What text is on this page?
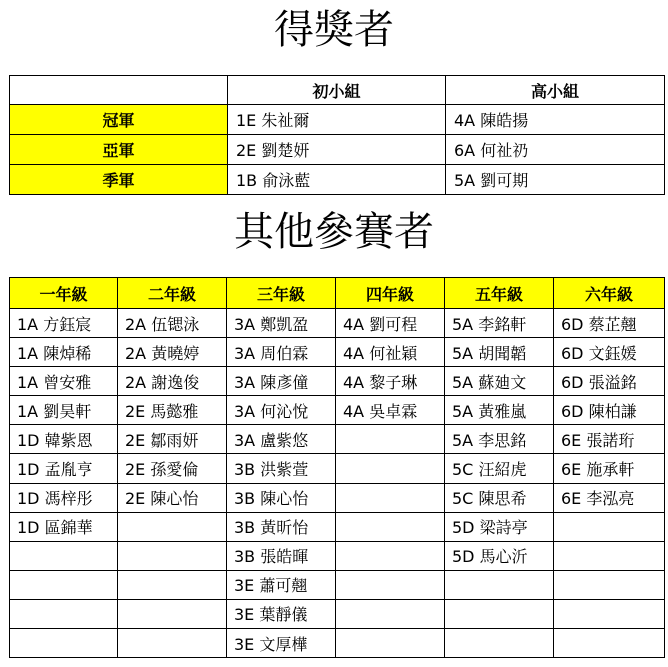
得獎者
	初小組	高小組
冠軍	1E 朱祉爾	4A 陳皓揚
亞軍	2E 劉楚妍	6A 何祉礽
季軍	1B 俞泳藍	5A 劉可期
其他參賽者
一年級	二年級	三年級	四年級	五年級	六年級
1A 方鈺宸	2A 伍锶泳	3A 鄭凱盈	4A 劉可程	5A 李銘軒	6D 蔡芷翹
1A 陳焯稀	2A 黃曉婷	3A 周伯霖	4A 何祉穎	5A 胡聞韜	6D 文鈺媛
1A 曾安雅	2A 謝逸俊	3A 陳彥僮	4A 黎子琳	5A 蘇廸文	6D 張溢銘
1A 劉昊軒	2E 馬懿雅	3A 何沁悅	4A 吳卓霖	5A 黃雅嵐	6D 陳柏謙
1D 韓紫恩	2E 鄒雨妍	3A 盧紫悠		5A 李思銘	6E 張諾珩
1D 孟胤亨	2E 孫愛倫	3B 洪紫萱		5C 汪紹虎	6E 施承軒
1D 馮梓彤	2E 陳心怡	3B 陳心怡		5C 陳思希	6E 李泓亮
1D 區錦華		3B 黃昕怡		5D 梁詩亭	
		3B 張皓暉		5D 馬心沂	
		3E 蕭可翹			
		3E 葉靜儀			
		3E 文厚樺			
